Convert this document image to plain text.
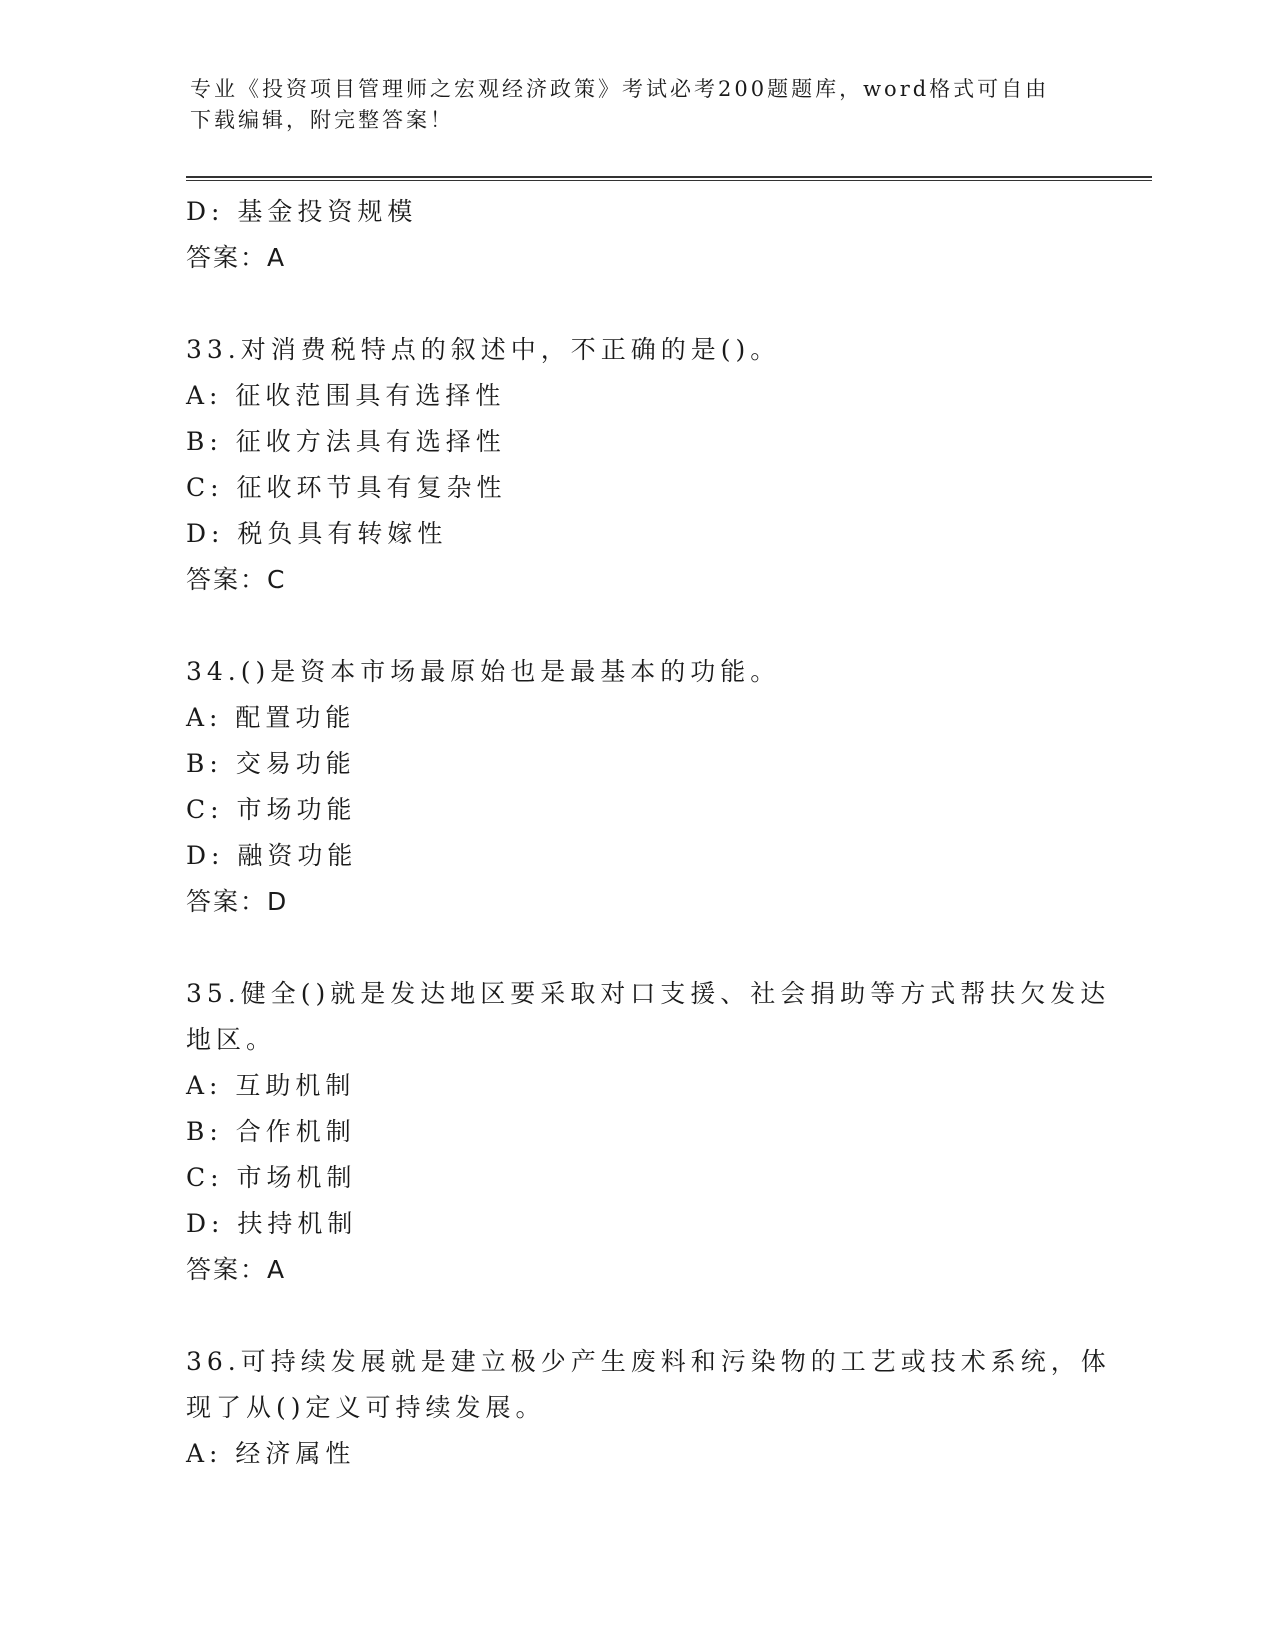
专业《投资项目管理师之宏观经济政策》考试必考200题题库，word格式可自由
下载编辑，附完整答案！
D: 基金投资规模
答案：A
33.对消费税特点的叙述中，不正确的是()。
A: 征收范围具有选择性
B: 征收方法具有选择性
C: 征收环节具有复杂性
D: 税负具有转嫁性
答案：C
34.()是资本市场最原始也是最基本的功能。
A: 配置功能
B: 交易功能
C: 市场功能
D: 融资功能
答案：D
35.健全()就是发达地区要采取对口支援、社会捐助等方式帮扶欠发达
地区。
A: 互助机制
B: 合作机制
C: 市场机制
D: 扶持机制
答案：A
36.可持续发展就是建立极少产生废料和污染物的工艺或技术系统，体
现了从()定义可持续发展。
A: 经济属性
